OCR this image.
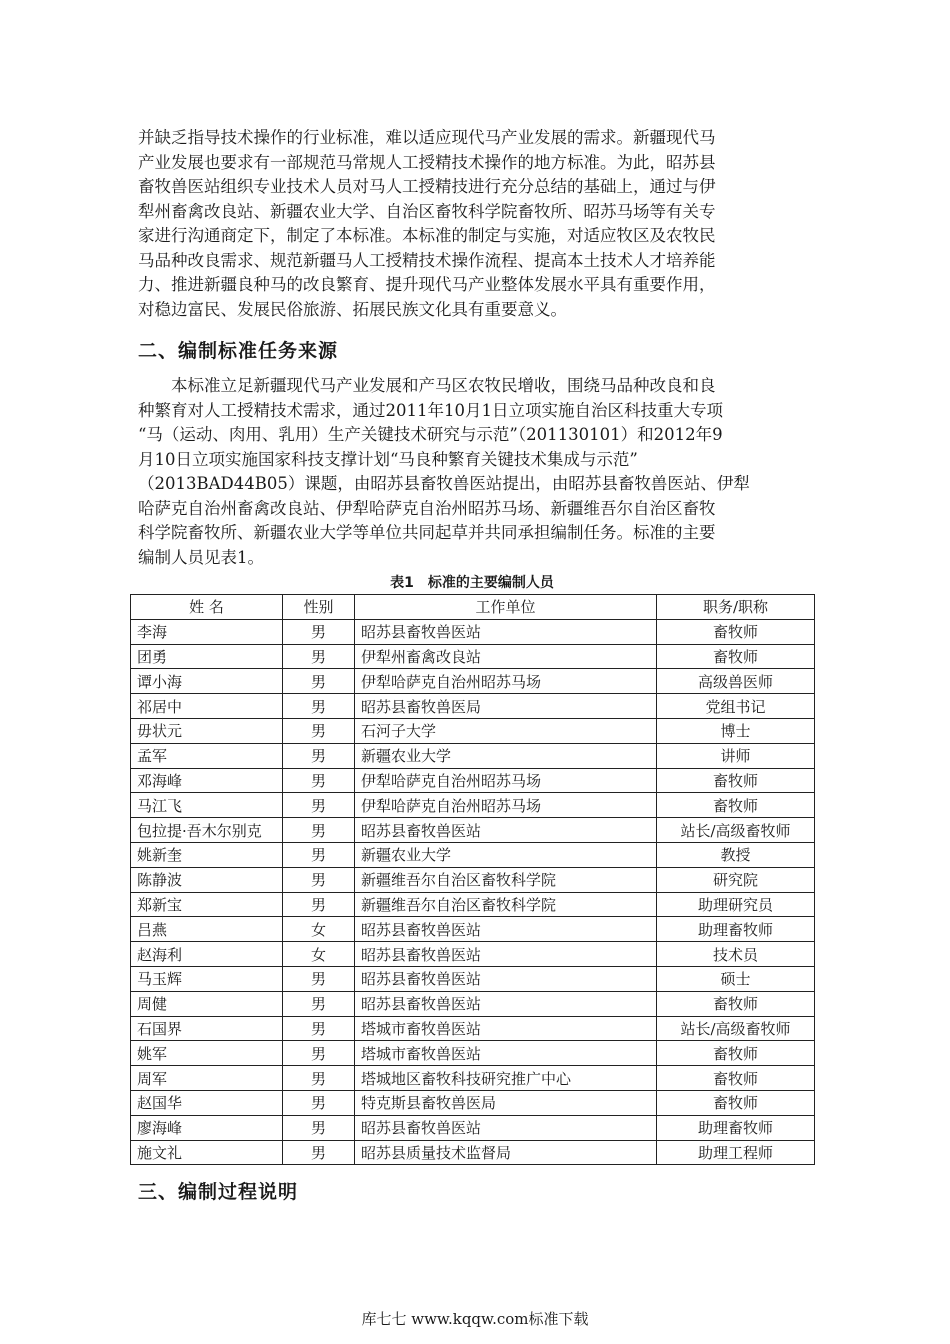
并缺乏指导技术操作的行业标准，难以适应现代马产业发展的需求。新疆现代马
产业发展也要求有一部规范马常规人工授精技术操作的地方标准。为此，昭苏县
畜牧兽医站组织专业技术人员对马人工授精技进行充分总结的基础上，通过与伊
犁州畜禽改良站、新疆农业大学、自治区畜牧科学院畜牧所、昭苏马场等有关专
家进行沟通商定下，制定了本标准。本标准的制定与实施，对适应牧区及农牧民
马品种改良需求、规范新疆马人工授精技术操作流程、提高本土技术人才培养能
力、推进新疆良种马的改良繁育、提升现代马产业整体发展水平具有重要作用，
对稳边富民、发展民俗旅游、拓展民族文化具有重要意义。
二、编制标准任务来源
本标准立足新疆现代马产业发展和产马区农牧民增收，围绕马品种改良和良
种繁育对人工授精技术需求，通过2011年10月1日立项实施自治区科技重大专项
“马（运动、肉用、乳用）生产关键技术研究与示范”（201130101）和2012年9
月10日立项实施国家科技支撑计划“马良种繁育关键技术集成与示范”
（2013BAD44B05）课题，由昭苏县畜牧兽医站提出，由昭苏县畜牧兽医站、伊犁
哈萨克自治州畜禽改良站、伊犁哈萨克自治州昭苏马场、新疆维吾尔自治区畜牧
科学院畜牧所、新疆农业大学等单位共同起草并共同承担编制任务。标准的主要
编制人员见表1。
表1　标准的主要编制人员
姓 名	性别	工作单位	职务/职称
李海	男	昭苏县畜牧兽医站	畜牧师
团勇	男	伊犁州畜禽改良站	畜牧师
谭小海	男	伊犁哈萨克自治州昭苏马场	高级兽医师
祁居中	男	昭苏县畜牧兽医局	党组书记
毋状元	男	石河子大学	博士
孟军	男	新疆农业大学	讲师
邓海峰	男	伊犁哈萨克自治州昭苏马场	畜牧师
马江飞	男	伊犁哈萨克自治州昭苏马场	畜牧师
包拉提·吾木尔别克	男	昭苏县畜牧兽医站	站长/高级畜牧师
姚新奎	男	新疆农业大学	教授
陈静波	男	新疆维吾尔自治区畜牧科学院	研究院
郑新宝	男	新疆维吾尔自治区畜牧科学院	助理研究员
吕燕	女	昭苏县畜牧兽医站	助理畜牧师
赵海利	女	昭苏县畜牧兽医站	技术员
马玉辉	男	昭苏县畜牧兽医站	硕士
周健	男	昭苏县畜牧兽医站	畜牧师
石国界	男	塔城市畜牧兽医站	站长/高级畜牧师
姚军	男	塔城市畜牧兽医站	畜牧师
周军	男	塔城地区畜牧科技研究推广中心	畜牧师
赵国华	男	特克斯县畜牧兽医局	畜牧师
廖海峰	男	昭苏县畜牧兽医站	助理畜牧师
施文礼	男	昭苏县质量技术监督局	助理工程师
三、编制过程说明
库七七 www.kqqw.com标准下载
